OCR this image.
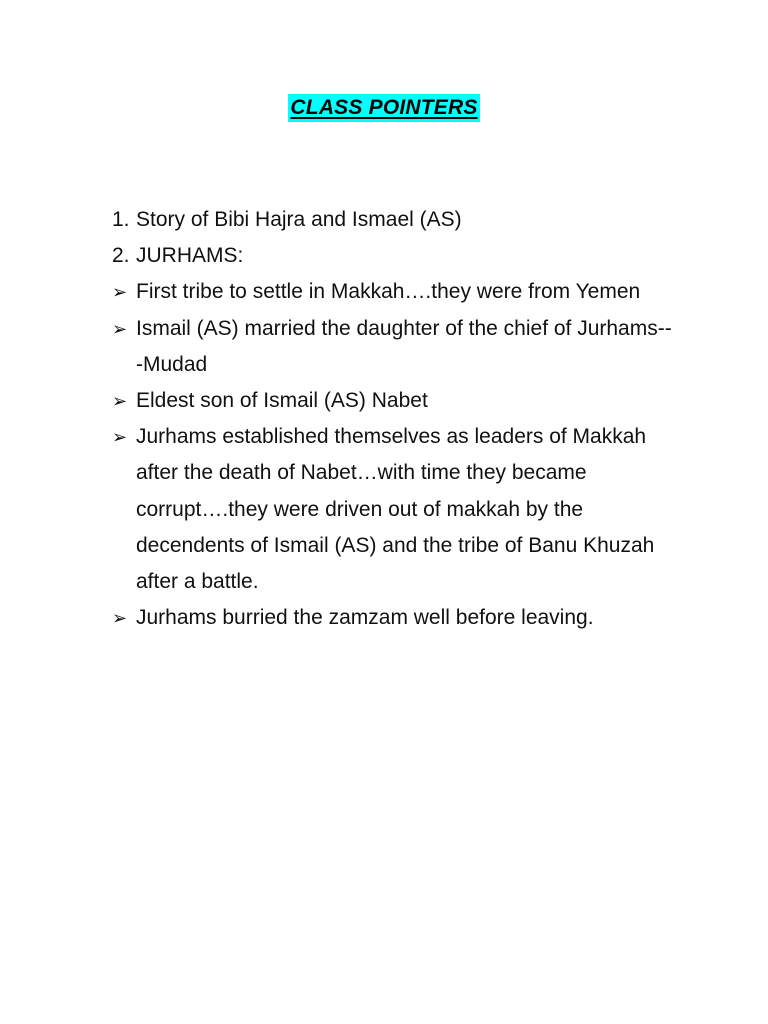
CLASS POINTERS
1. Story of Bibi Hajra and Ismael (AS)
2. JURHAMS:
➢ First tribe to settle in Makkah….they were from Yemen
➢ Ismail (AS) married the daughter of the chief of Jurhams---Mudad
➢ Eldest son of Ismail (AS) Nabet
➢ Jurhams established themselves as leaders of Makkah after the death of Nabet…with time they became corrupt….they were driven out of makkah by the decendents of Ismail (AS) and the tribe of Banu Khuzah after a battle.
➢ Jurhams burried the zamzam well before leaving.
